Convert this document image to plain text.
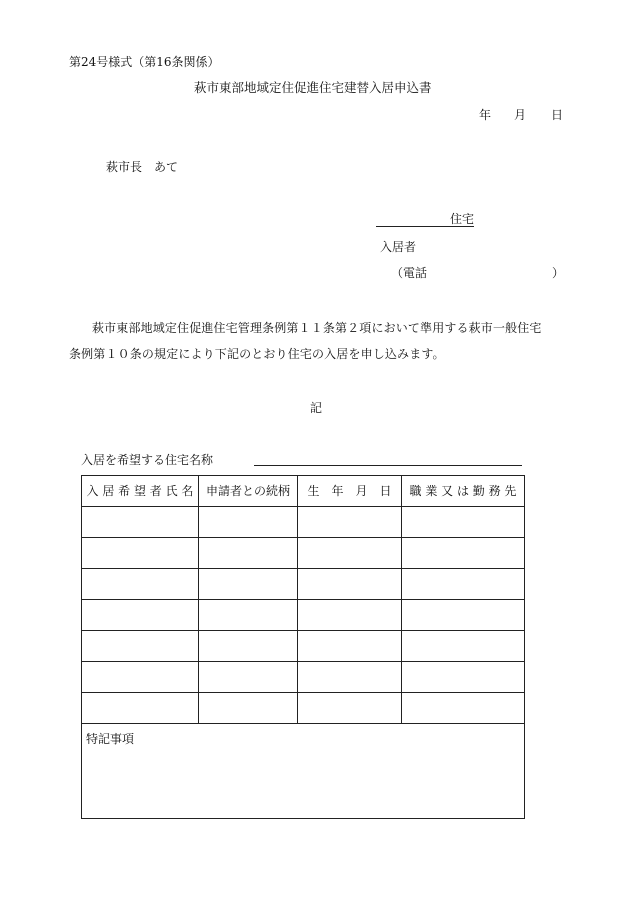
第24号様式（第16条関係）
萩市東部地域定住促進住宅建替入居申込書
年 月 日
萩市長　あて
住宅
入居者
（電話	）
萩市東部地域定住促進住宅管理条例第１１条第２項において準用する萩市一般住宅
条例第１０条の規定により下記のとおり住宅の入居を申し込みます。
記
入居を希望する住宅名称
入 居 希 望 者 氏 名	申請者との続柄	生　年　月　日	職 業 又 は 勤 務 先

特記事項
